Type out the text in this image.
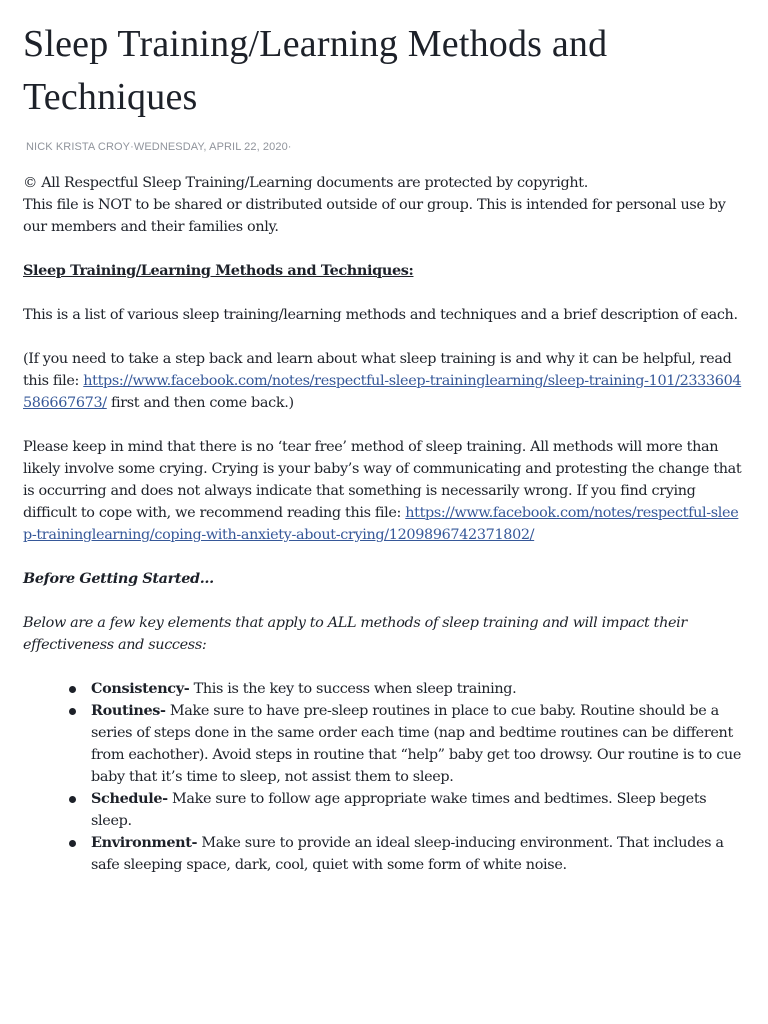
Sleep Training/Learning Methods and Techniques
NICK KRISTA CROY·WEDNESDAY, APRIL 22, 2020·

© All Respectful Sleep Training/Learning documents are protected by copyright.
This file is NOT to be shared or distributed outside of our group. This is intended for personal use by our members and their families only.

Sleep Training/Learning Methods and Techniques:

This is a list of various sleep training/learning methods and techniques and a brief description of each.

(If you need to take a step back and learn about what sleep training is and why it can be helpful, read this file: https://www.facebook.com/notes/respectful-sleep-traininglearning/sleep-training-101/2333604586667673/ first and then come back.)

Please keep in mind that there is no ‘tear free’ method of sleep training. All methods will more than likely involve some crying. Crying is your baby’s way of communicating and protesting the change that is occurring and does not always indicate that something is necessarily wrong. If you find crying difficult to cope with, we recommend reading this file: https://www.facebook.com/notes/respectful-sleep-traininglearning/coping-with-anxiety-about-crying/1209896742371802/

Before Getting Started…

Below are a few key elements that apply to ALL methods of sleep training and will impact their effectiveness and success:

Consistency- This is the key to success when sleep training.
Routines- Make sure to have pre-sleep routines in place to cue baby. Routine should be a series of steps done in the same order each time (nap and bedtime routines can be different from eachother). Avoid steps in routine that “help” baby get too drowsy. Our routine is to cue baby that it’s time to sleep, not assist them to sleep.
Schedule- Make sure to follow age appropriate wake times and bedtimes. Sleep begets sleep.
Environment- Make sure to provide an ideal sleep-inducing environment. That includes a safe sleeping space, dark, cool, quiet with some form of white noise.
